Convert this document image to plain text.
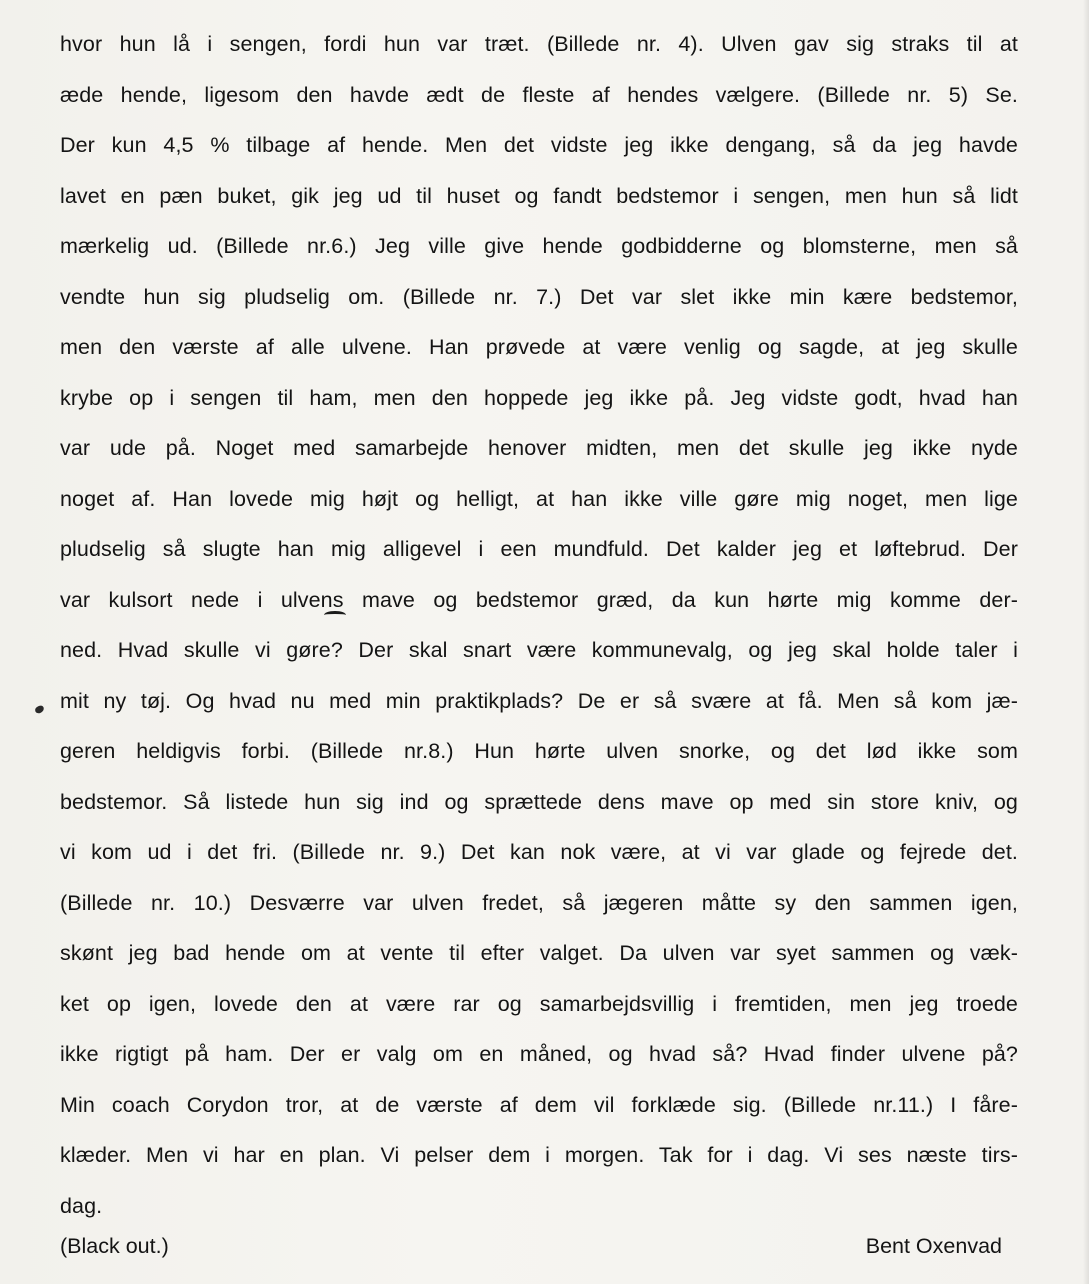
hvor hun lå i sengen, fordi hun var træt. (Billede nr. 4). Ulven gav sig straks til at
æde hende, ligesom den havde ædt de fleste af hendes vælgere. (Billede nr. 5) Se.
Der kun 4,5 % tilbage af hende. Men det vidste jeg ikke dengang, så da jeg havde
lavet en pæn buket, gik jeg ud til huset og fandt bedstemor i sengen, men hun så lidt
mærkelig ud. (Billede nr.6.) Jeg ville give hende godbidderne og blomsterne, men så
vendte hun sig pludselig om. (Billede nr. 7.) Det var slet ikke min kære bedstemor,
men den værste af alle ulvene. Han prøvede at være venlig og sagde, at jeg skulle
krybe op i sengen til ham, men den hoppede jeg ikke på. Jeg vidste godt, hvad han
var ude på. Noget med samarbejde henover midten, men det skulle jeg ikke nyde
noget af. Han lovede mig højt og helligt, at han ikke ville gøre mig noget, men lige
pludselig så slugte han mig alligevel i een mundfuld. Det kalder jeg et løftebrud. Der
var kulsort nede i ulvens mave og bedstemor græd, da kun hørte mig komme der-
ned. Hvad skulle vi gøre? Der skal snart være kommunevalg, og jeg skal holde taler i
mit ny tøj. Og hvad nu med min praktikplads? De er så svære at få. Men så kom jæ-
geren heldigvis forbi. (Billede nr.8.) Hun hørte ulven snorke, og det lød ikke som
bedstemor. Så listede hun sig ind og sprættede dens mave op med sin store kniv, og
vi kom ud i det fri. (Billede nr. 9.) Det kan nok være, at vi var glade og fejrede det.
(Billede nr. 10.) Desværre var ulven fredet, så jægeren måtte sy den sammen igen,
skønt jeg bad hende om at vente til efter valget. Da ulven var syet sammen og væk-
ket op igen, lovede den at være rar og samarbejdsvillig i fremtiden, men jeg troede
ikke rigtigt på ham. Der er valg om en måned, og hvad så? Hvad finder ulvene på?
Min coach Corydon tror, at de værste af dem vil forklæde sig. (Billede nr.11.) I fåre-
klæder. Men vi har en plan. Vi pelser dem i morgen. Tak for i dag. Vi ses næste tirs-
dag.
(Black out.)	Bent Oxenvad
